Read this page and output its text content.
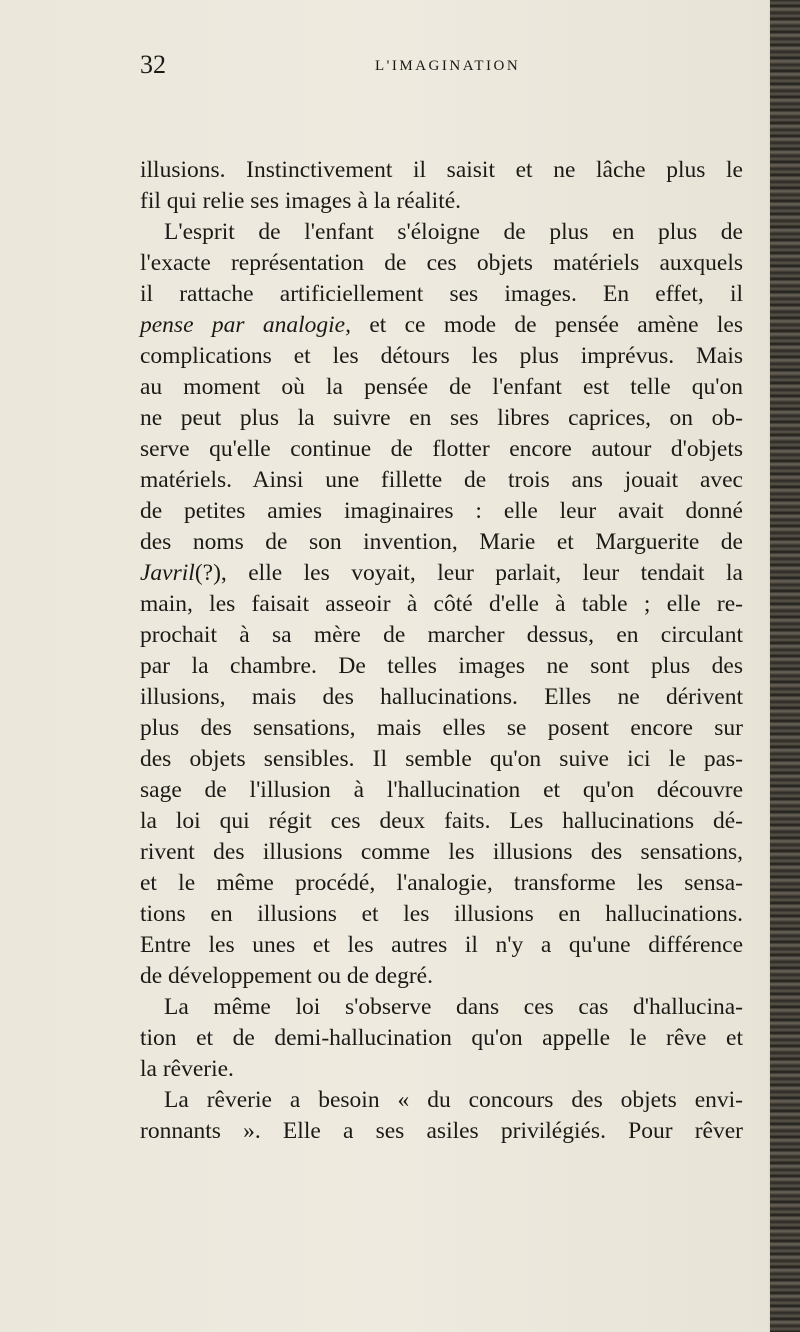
32	L'IMAGINATION
illusions. Instinctivement il saisit et ne lâche plus le
fil qui relie ses images à la réalité.
L'esprit de l'enfant s'éloigne de plus en plus de
l'exacte représentation de ces objets matériels auxquels
il rattache artificiellement ses images. En effet, il
pense par analogie, et ce mode de pensée amène les
complications et les détours les plus imprévus. Mais
au moment où la pensée de l'enfant est telle qu'on
ne peut plus la suivre en ses libres caprices, on ob-
serve qu'elle continue de flotter encore autour d'objets
matériels. Ainsi une fillette de trois ans jouait avec
de petites amies imaginaires : elle leur avait donné
des noms de son invention, Marie et Marguerite de
Javril(?), elle les voyait, leur parlait, leur tendait la
main, les faisait asseoir à côté d'elle à table ; elle re-
prochait à sa mère de marcher dessus, en circulant
par la chambre. De telles images ne sont plus des
illusions, mais des hallucinations. Elles ne dérivent
plus des sensations, mais elles se posent encore sur
des objets sensibles. Il semble qu'on suive ici le pas-
sage de l'illusion à l'hallucination et qu'on découvre
la loi qui régit ces deux faits. Les hallucinations dé-
rivent des illusions comme les illusions des sensations,
et le même procédé, l'analogie, transforme les sensa-
tions en illusions et les illusions en hallucinations.
Entre les unes et les autres il n'y a qu'une différence
de développement ou de degré.
La même loi s'observe dans ces cas d'hallucina-
tion et de demi-hallucination qu'on appelle le rêve et
la rêverie.
La rêverie a besoin « du concours des objets envi-
ronnants ». Elle a ses asiles privilégiés. Pour rêver
